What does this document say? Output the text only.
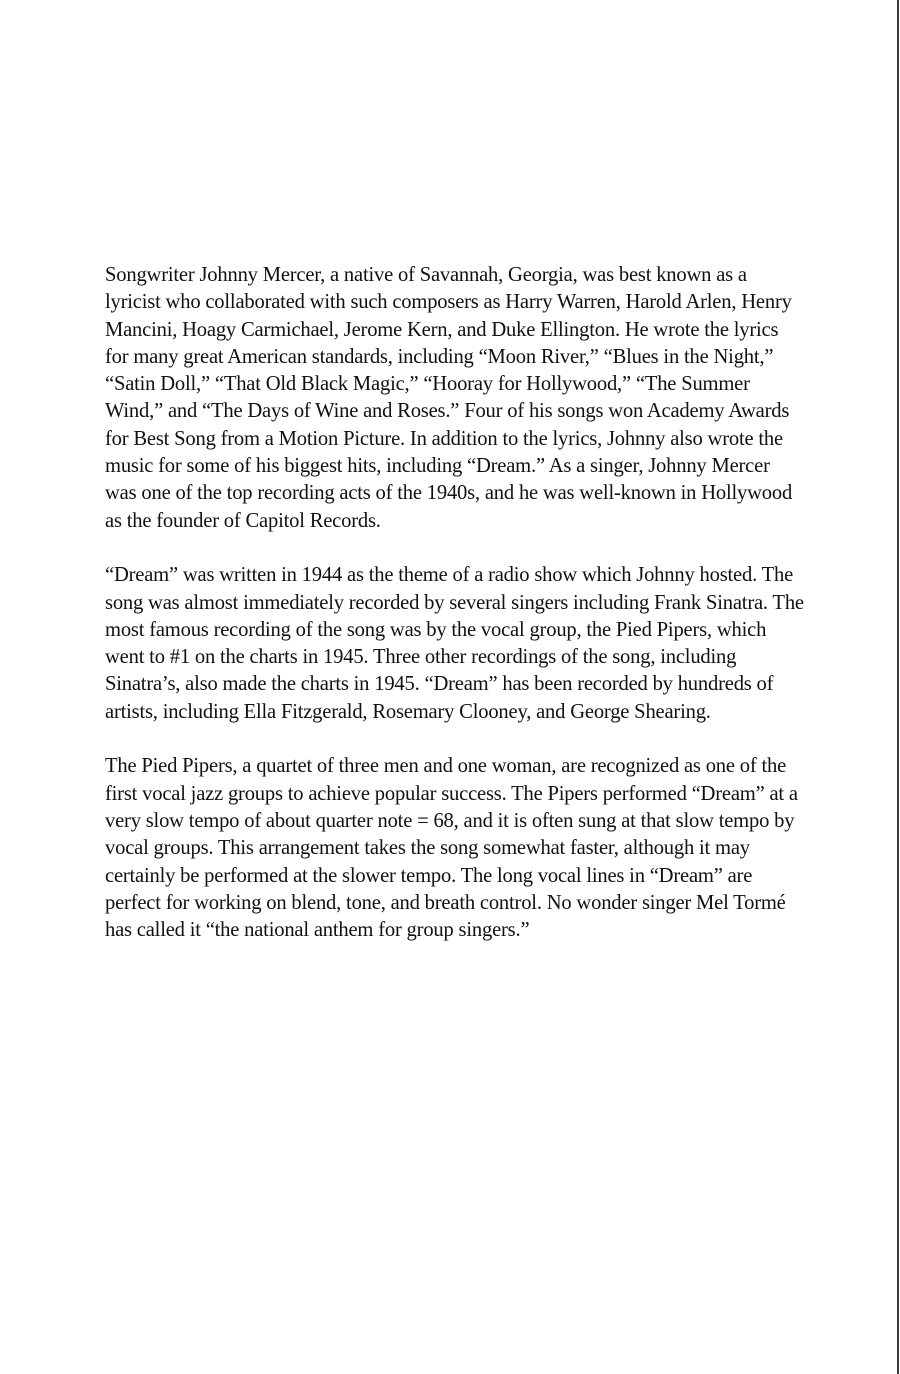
Songwriter Johnny Mercer, a native of Savannah, Georgia, was best known as a lyricist who collaborated with such composers as Harry Warren, Harold Arlen, Henry Mancini, Hoagy Carmichael, Jerome Kern, and Duke Ellington. He wrote the lyrics for many great American standards, including “Moon River,” “Blues in the Night,” “Satin Doll,” “That Old Black Magic,” “Hooray for Hollywood,” “The Summer Wind,” and “The Days of Wine and Roses.” Four of his songs won Academy Awards for Best Song from a Motion Picture. In addition to the lyrics, Johnny also wrote the music for some of his biggest hits, including “Dream.” As a singer, Johnny Mercer was one of the top recording acts of the 1940s, and he was well-known in Hollywood as the founder of Capitol Records.

“Dream” was written in 1944 as the theme of a radio show which Johnny hosted. The song was almost immediately recorded by several singers including Frank Sinatra. The most famous recording of the song was by the vocal group, the Pied Pipers, which went to #1 on the charts in 1945. Three other recordings of the song, including Sinatra’s, also made the charts in 1945. “Dream” has been recorded by hundreds of artists, including Ella Fitzgerald, Rosemary Clooney, and George Shearing.

The Pied Pipers, a quartet of three men and one woman, are recognized as one of the first vocal jazz groups to achieve popular success. The Pipers performed “Dream” at a very slow tempo of about quarter note = 68, and it is often sung at that slow tempo by vocal groups. This arrangement takes the song somewhat faster, although it may certainly be performed at the slower tempo. The long vocal lines in “Dream” are perfect for working on blend, tone, and breath control. No wonder singer Mel Tormé has called it “the national anthem for group singers.”
